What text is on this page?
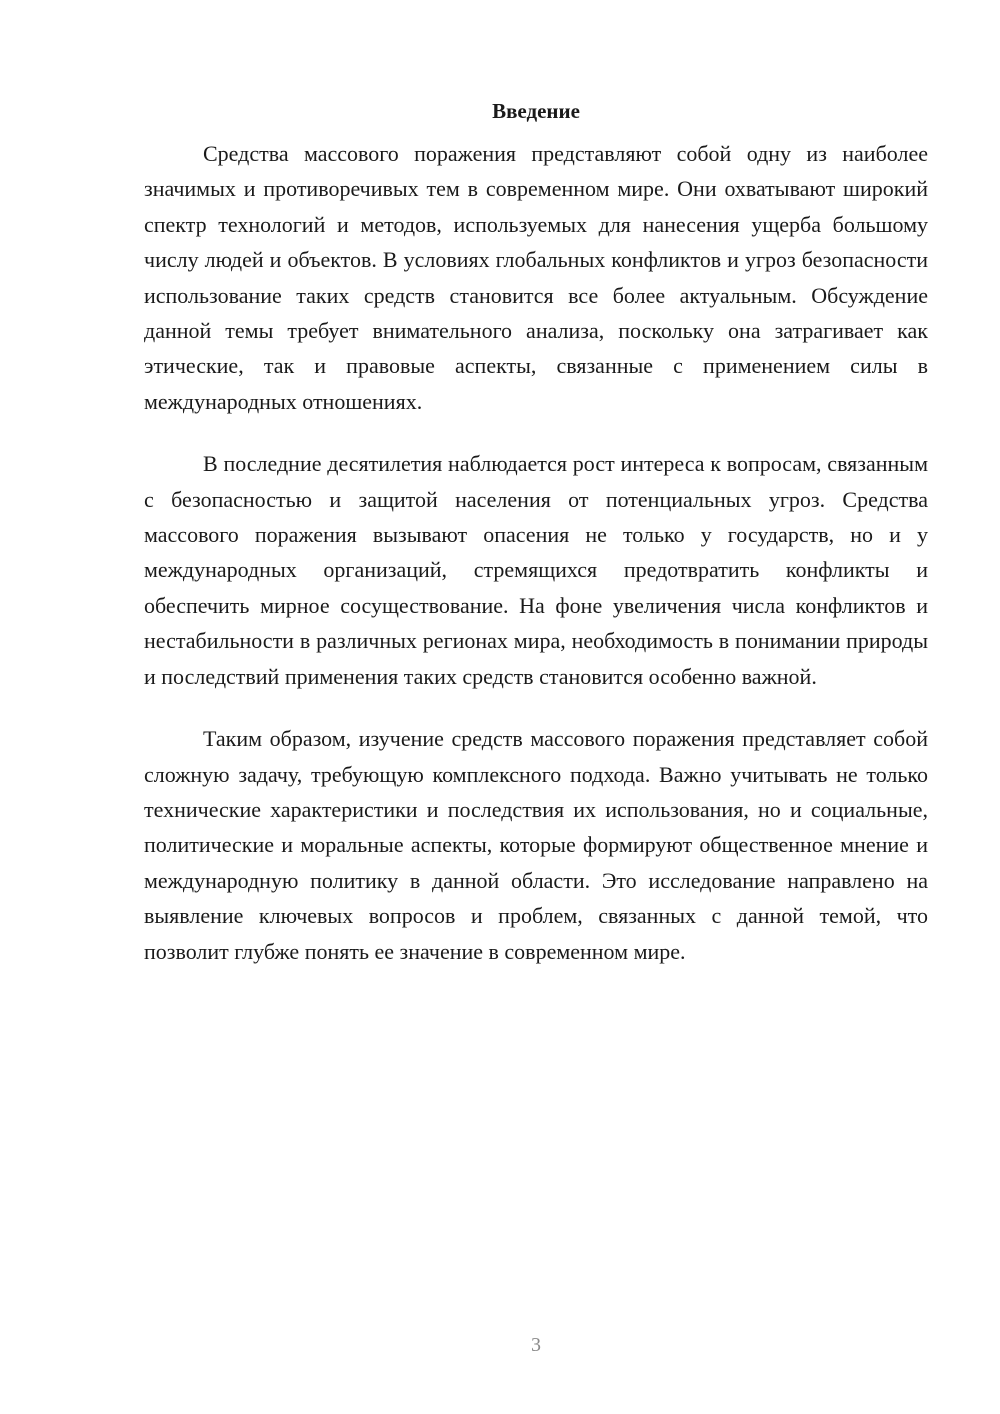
Введение

Средства массового поражения представляют собой одну из наиболее значимых и противоречивых тем в современном мире. Они охватывают широкий спектр технологий и методов, используемых для нанесения ущерба большому числу людей и объектов. В условиях глобальных конфликтов и угроз безопасности использование таких средств становится все более актуальным. Обсуждение данной темы требует внимательного анализа, поскольку она затрагивает как этические, так и правовые аспекты, связанные с применением силы в международных отношениях.

В последние десятилетия наблюдается рост интереса к вопросам, связанным с безопасностью и защитой населения от потенциальных угроз. Средства массового поражения вызывают опасения не только у государств, но и у международных организаций, стремящихся предотвратить конфликты и обеспечить мирное сосуществование. На фоне увеличения числа конфликтов и нестабильности в различных регионах мира, необходимость в понимании природы и последствий применения таких средств становится особенно важной.

Таким образом, изучение средств массового поражения представляет собой сложную задачу, требующую комплексного подхода. Важно учитывать не только технические характеристики и последствия их использования, но и социальные, политические и моральные аспекты, которые формируют общественное мнение и международную политику в данной области. Это исследование направлено на выявление ключевых вопросов и проблем, связанных с данной темой, что позволит глубже понять ее значение в современном мире.

3
